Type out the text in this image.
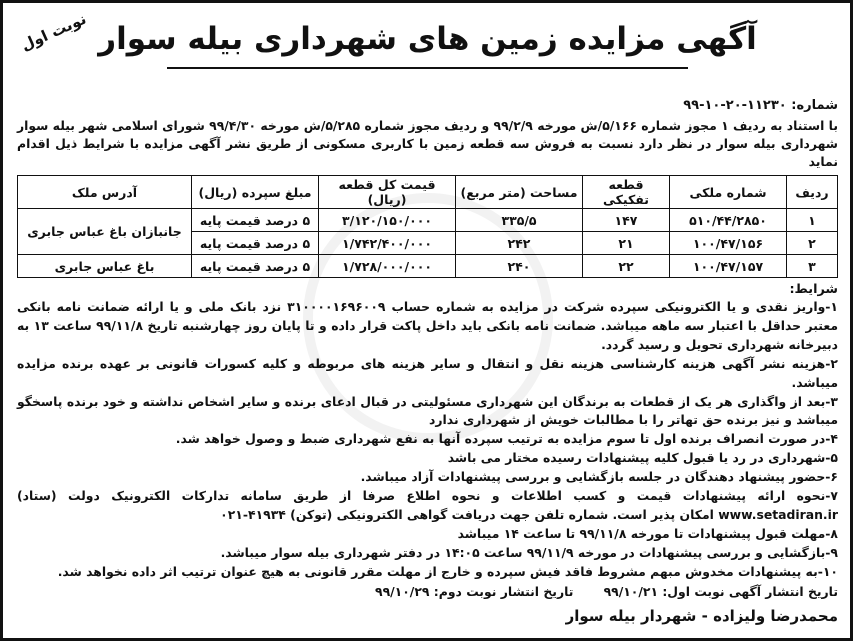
آگهی مزایده زمین های شهرداری بیله سوار
نوبت اول
شماره: ۱۱۲۳۰-۲۰-۱۰-۹۹

با استناد به ردیف ۱ مجوز شماره ۵/۱۶۶/ش مورخه ۹۹/۲/۹ و ردیف مجوز شماره ۵/۲۸۵/ش مورخه ۹۹/۴/۳۰ شورای اسلامی شهر بیله سوار شهرداری بیله سوار در نظر دارد نسبت به فروش سه قطعه زمین با کاربری مسکونی از طریق نشر آگهی مزایده با شرایط ذیل اقدام نماید

ردیف	شماره ملکی	قطعه تفکیکی	مساحت (متر مربع)	قیمت کل قطعه (ریال)	مبلغ سپرده (ریال)	آدرس ملک
۱	۵۱۰/۴۴/۲۸۵۰	۱۴۷	۳۳۵/۵	۳/۱۲۰/۱۵۰/۰۰۰	۵ درصد قیمت پایه	جانبازان باغ عباس جابری
۲	۱۰۰/۴۷/۱۵۶	۲۱	۲۴۲	۱/۷۴۲/۴۰۰/۰۰۰	۵ درصد قیمت پایه	
۳	۱۰۰/۴۷/۱۵۷	۲۲	۲۴۰	۱/۷۲۸/۰۰۰/۰۰۰	۵ درصد قیمت پایه	باغ عباس جابری
شرایط:
۱-واریز نقدی و یا الکترونیکی سپرده شرکت در مزایده به شماره حساب ۳۱۰۰۰۰۱۶۹۶۰۰۹ نزد بانک ملی و یا ارائه ضمانت نامه بانکی معتبر حداقل با اعتبار سه ماهه میباشد. ضمانت نامه بانکی باید داخل پاکت قرار داده و تا پایان روز چهارشنبه تاریخ ۹۹/۱۱/۸ ساعت ۱۳ به دبیرخانه شهرداری تحویل و رسید گردد.
۲-هزینه نشر آگهی هزینه کارشناسی هزینه نقل و انتقال و سایر هزینه های مربوطه و کلیه کسورات قانونی بر عهده برنده مزایده میباشد.
۳-بعد از واگذاری هر یک از قطعات به برندگان این شهرداری مسئولیتی در قبال ادعای برنده و سایر اشخاص نداشته و خود برنده پاسخگو میباشد و نیز برنده حق تهاتر را با مطالبات خویش از شهرداری ندارد
۴-در صورت انصراف برنده اول تا سوم مزایده به ترتیب سپرده آنها به نفع شهرداری ضبط و وصول خواهد شد.
۵-شهرداری در رد یا قبول کلیه پیشنهادات رسیده مختار می باشد
۶-حضور پیشنهاد دهندگان در جلسه بازگشایی و بررسی پیشنهادات آزاد میباشد.
۷-نحوه ارائه پیشنهادات قیمت و کسب اطلاعات و نحوه اطلاع صرفا از طریق سامانه تدارکات الکترونیک دولت (ستاد) www.setadiran.ir امکان پذیر است. شماره تلفن جهت دریافت گواهی الکترونیکی (توکن) ۴۱۹۳۴-۰۲۱
۸-مهلت قبول پیشنهادات تا مورخه ۹۹/۱۱/۸ تا ساعت ۱۴ میباشد
۹-بازگشایی و بررسی پیشنهادات در مورخه ۹۹/۱۱/۹ ساعت ۱۴:۰۵ در دفتر شهرداری بیله سوار میباشد.
۱۰-به پیشنهادات مخدوش مبهم مشروط فاقد فیش سپرده و خارج از مهلت مقرر قانونی به هیچ عنوان ترتیب اثر داده نخواهد شد.
تاریخ انتشار آگهی نوبت اول: ۹۹/۱۰/۲۱       تاریخ انتشار نوبت دوم: ۹۹/۱۰/۲۹
محمدرضا ولیزاده - شهردار بیله سوار
